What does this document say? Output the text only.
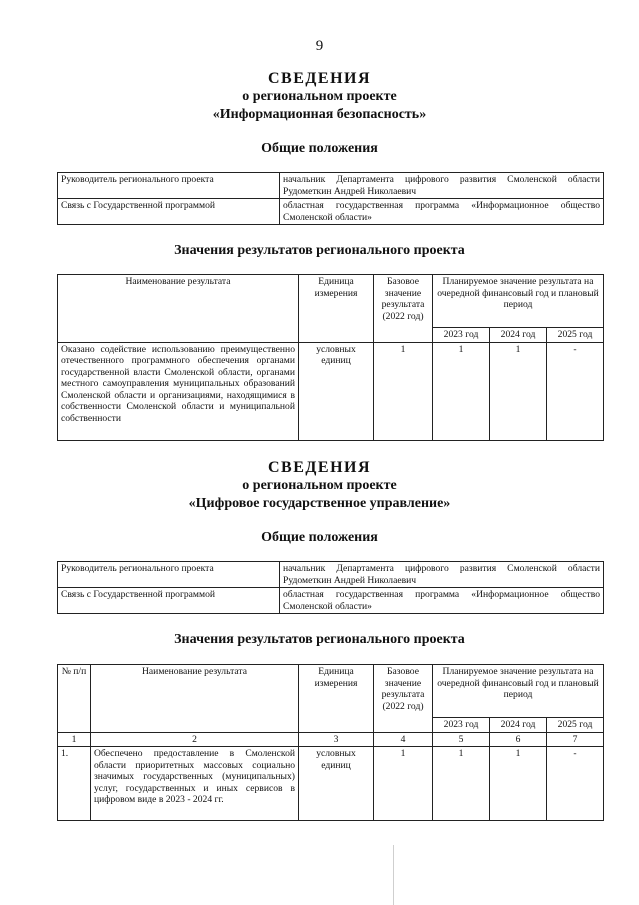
9
СВЕДЕНИЯ
о региональном проекте
«Информационная безопасность»
Общие положения
Руководитель регионального проекта	начальник Департамента цифрового развития Смоленской области Рудометкин Андрей Николаевич
Связь с Государственной программой	областная государственная программа «Информационное общество Смоленской области»
Значения результатов регионального проекта
Наименование результата	Единица измерения	Базовое значение результата (2022 год)	Планируемое значение результата на очередной финансовый год и плановый период		
			2023 год	2024 год	2025 год
Оказано содействие использованию преимущественно отечественного программного обеспечения органами государственной власти Смоленской области, органами местного самоуправления муниципальных образований Смоленской области и организациями, находящимися в собственности Смоленской области и муниципальной собственности	условных единиц	1	1	1	-
СВЕДЕНИЯ
о региональном проекте
«Цифровое государственное управление»
Общие положения
Руководитель регионального проекта	начальник Департамента цифрового развития Смоленской области Рудометкин Андрей Николаевич
Связь с Государственной программой	областная государственная программа «Информационное общество Смоленской области»
Значения результатов регионального проекта
№ п/п	Наименование результата	Единица измерения	Базовое значение результата (2022 год)	Планируемое значение результата на очередной финансовый год и плановый период		
				2023 год	2024 год	2025 год
1	2	3	4	5	6	7
1.	Обеспечено предоставление в Смоленской области приоритетных массовых социально значимых государственных (муниципальных) услуг, государственных и иных сервисов в цифровом виде в 2023 - 2024 гг.	условных единиц	1	1	1	-
